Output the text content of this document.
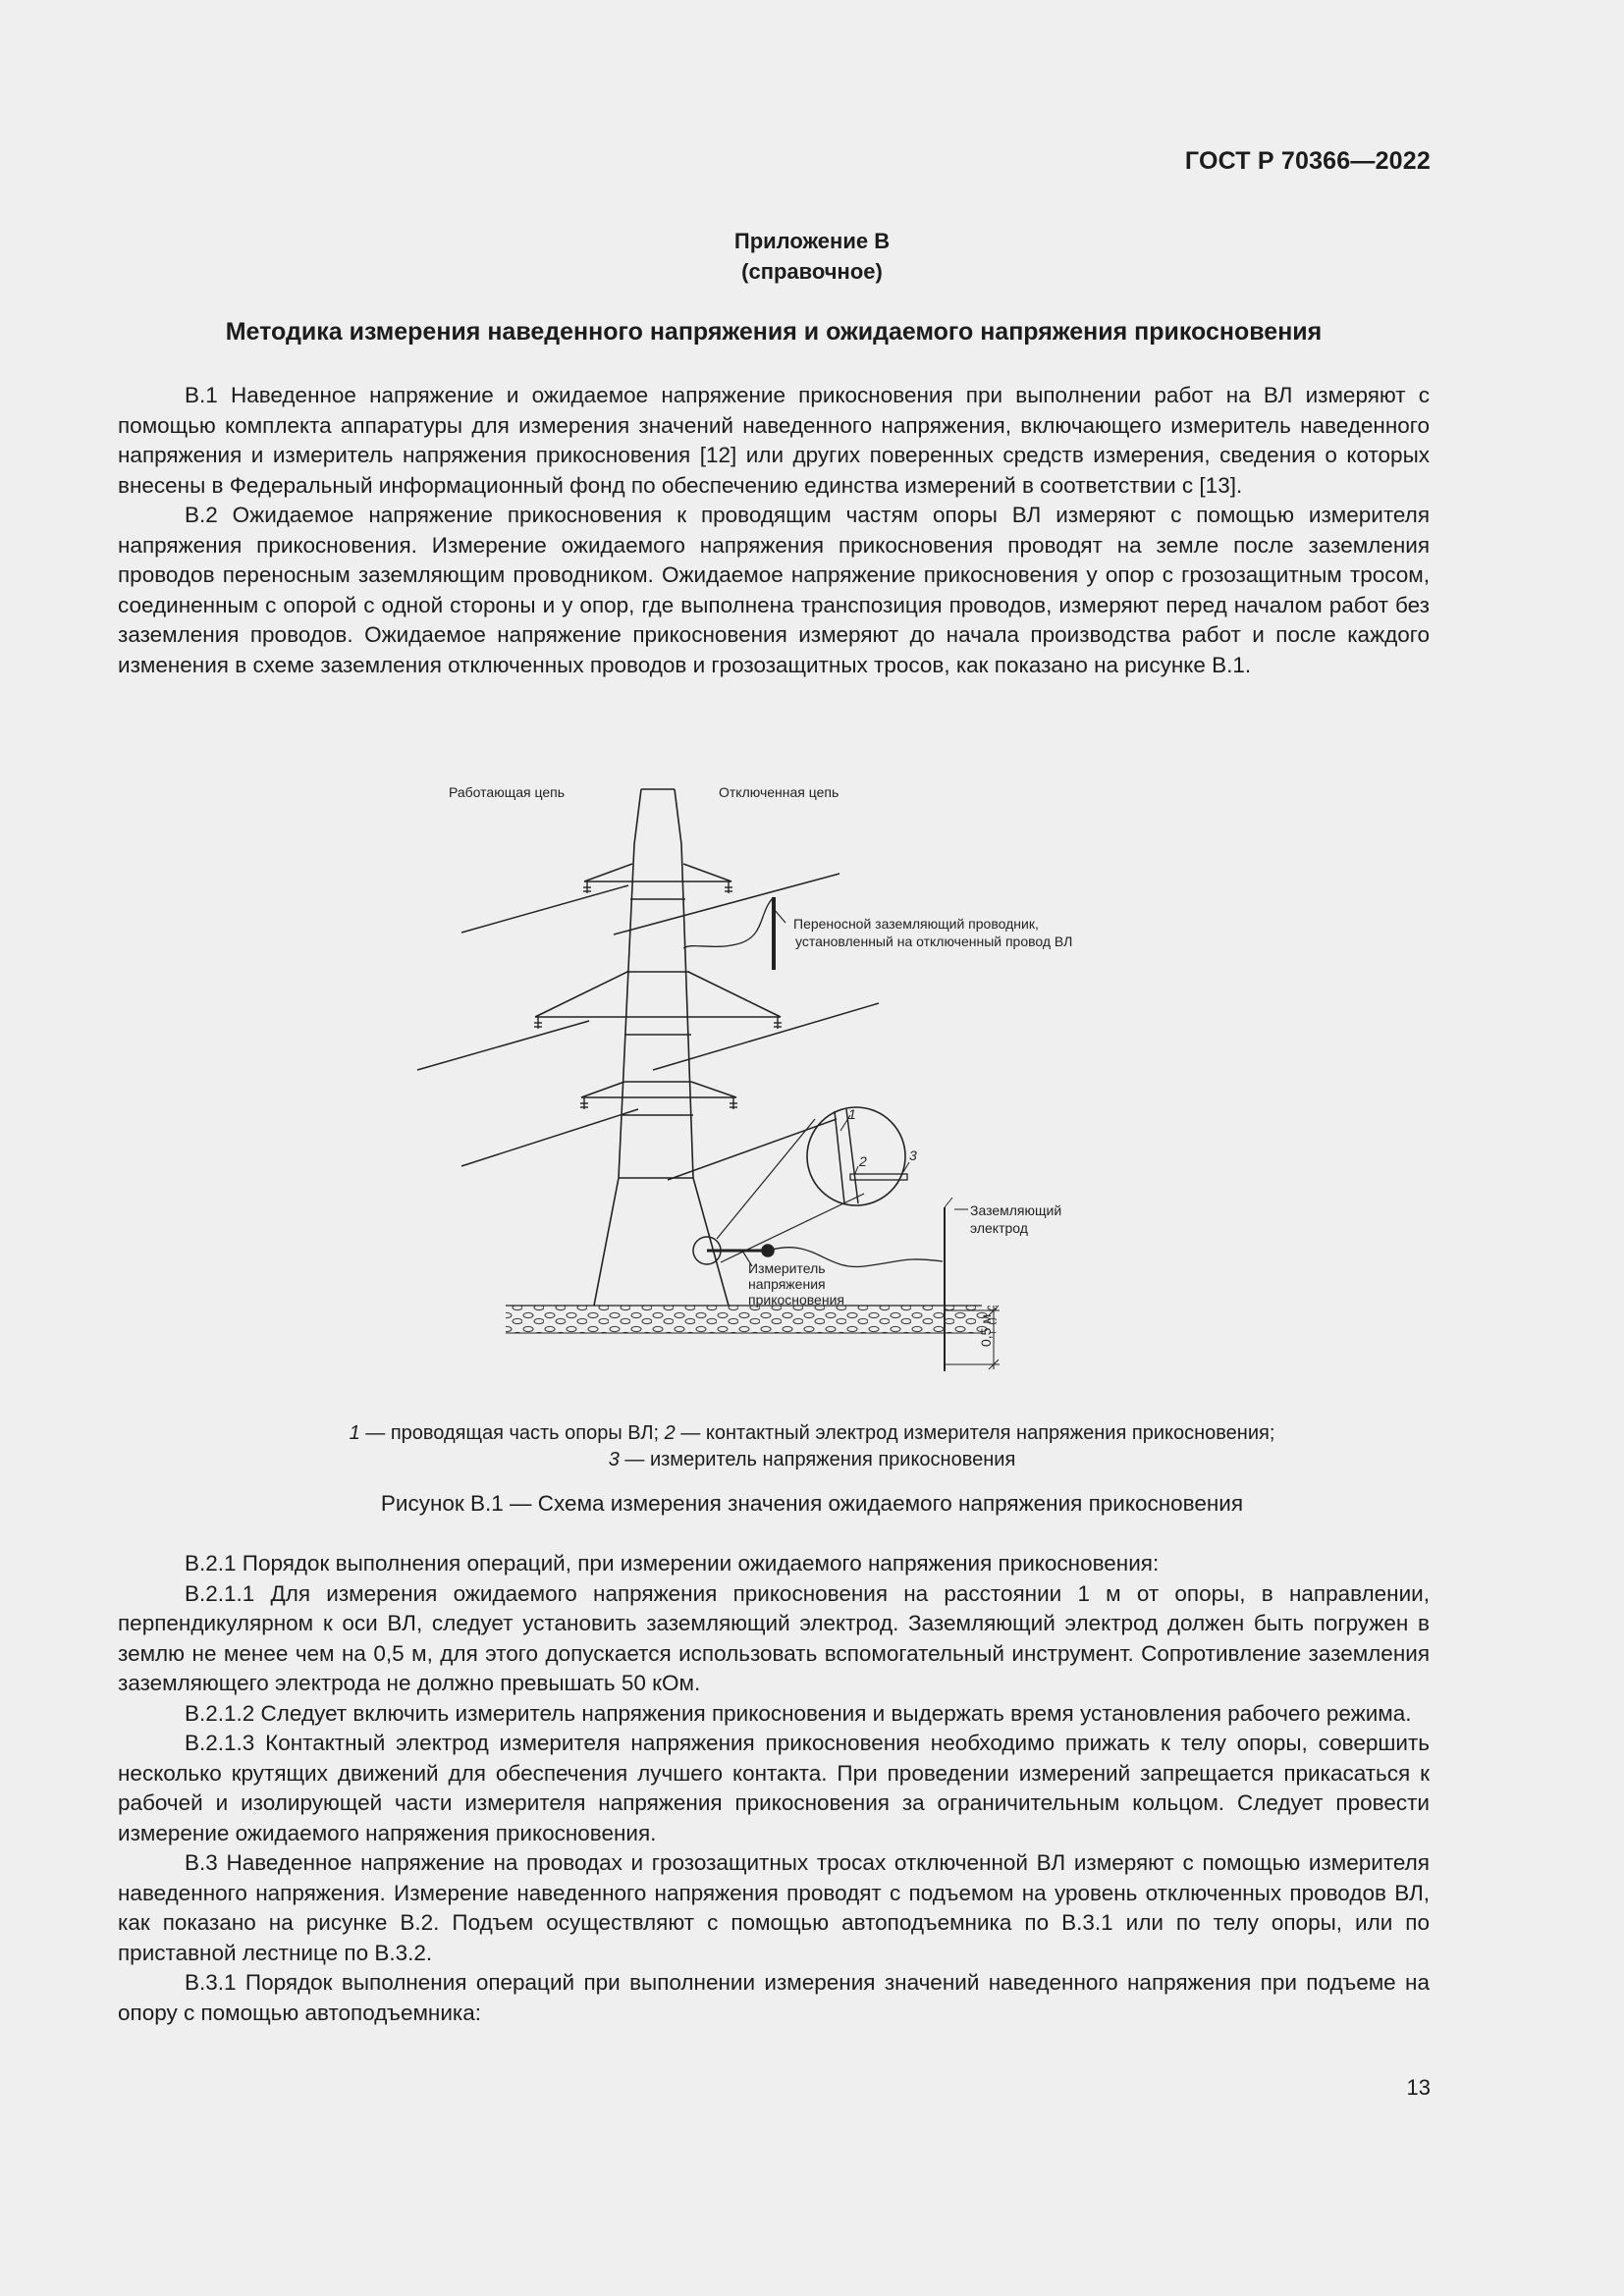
ГОСТ Р 70366—2022
Приложение В
(справочное)
Методика измерения наведенного напряжения и ожидаемого напряжения прикосновения

В.1 Наведенное напряжение и ожидаемое напряжение прикосновения при выполнении работ на ВЛ измеряют с помощью комплекта аппаратуры для измерения значений наведенного напряжения, включающего измеритель наведенного напряжения и измеритель напряжения прикосновения [12] или других поверенных средств измерения, сведения о которых внесены в Федеральный информационный фонд по обеспечению единства измерений в соответствии с [13].

В.2 Ожидаемое напряжение прикосновения к проводящим частям опоры ВЛ измеряют с помощью измерителя напряжения прикосновения. Измерение ожидаемого напряжения прикосновения проводят на земле после заземления проводов переносным заземляющим проводником. Ожидаемое напряжение прикосновения у опор с грозозащитным тросом, соединенным с опорой с одной стороны и у опор, где выполнена транспозиция проводов, измеряют перед началом работ без заземления проводов. Ожидаемое напряжение прикосновения измеряют до начала производства работ и после каждого изменения в схеме заземления отключенных проводов и грозозащитных тросов, как показано на рисунке В.1.

Работающая цепь	Отключенная цепь
Переносной заземляющий проводник,
установленный на отключенный провод ВЛ
Заземляющий
электрод
Измеритель
напряжения
прикосновения
0,5 м
1
2	3
1 — проводящая часть опоры ВЛ; 2 — контактный электрод измерителя напряжения прикосновения;
3 — измеритель напряжения прикосновения
Рисунок В.1 — Схема измерения значения ожидаемого напряжения прикосновения

В.2.1 Порядок выполнения операций, при измерении ожидаемого напряжения прикосновения:

В.2.1.1 Для измерения ожидаемого напряжения прикосновения на расстоянии 1 м от опоры, в направлении, перпендикулярном к оси ВЛ, следует установить заземляющий электрод. Заземляющий электрод должен быть погружен в землю не менее чем на 0,5 м, для этого допускается использовать вспомогательный инструмент. Сопротивление заземления заземляющего электрода не должно превышать 50 кОм.

В.2.1.2 Следует включить измеритель напряжения прикосновения и выдержать время установления рабочего режима.

В.2.1.3 Контактный электрод измерителя напряжения прикосновения необходимо прижать к телу опоры, совершить несколько крутящих движений для обеспечения лучшего контакта. При проведении измерений запрещается прикасаться к рабочей и изолирующей части измерителя напряжения прикосновения за ограничительным кольцом. Следует провести измерение ожидаемого напряжения прикосновения.

В.3 Наведенное напряжение на проводах и грозозащитных тросах отключенной ВЛ измеряют с помощью измерителя наведенного напряжения. Измерение наведенного напряжения проводят с подъемом на уровень отключенных проводов ВЛ, как показано на рисунке В.2. Подъем осуществляют с помощью автоподъемника по В.3.1 или по телу опоры, или по приставной лестнице по В.3.2.

В.3.1 Порядок выполнения операций при выполнении измерения значений наведенного напряжения при подъеме на опору с помощью автоподъемника:

13
